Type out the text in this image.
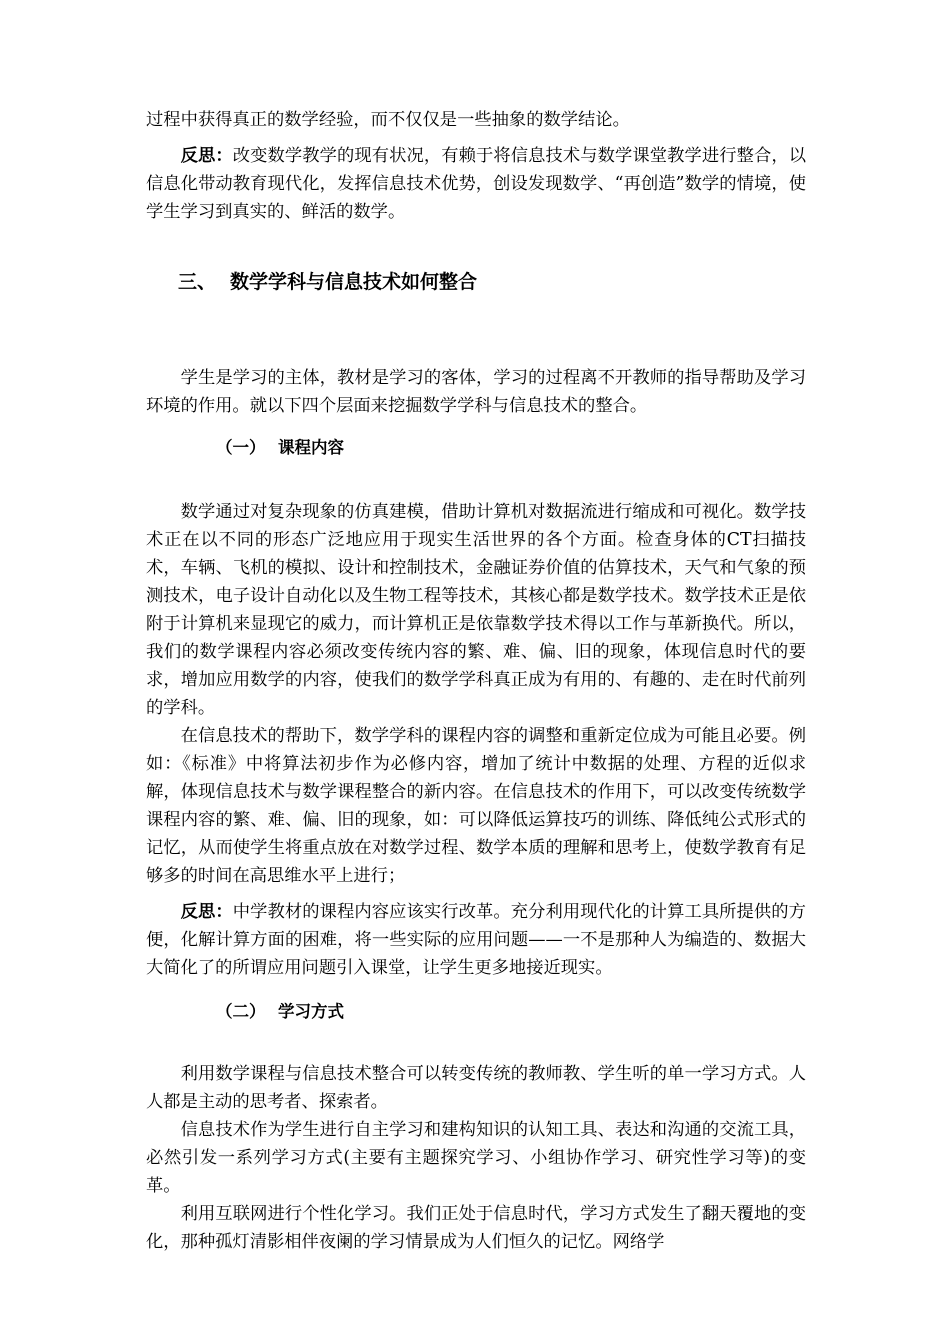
过程中获得真正的数学经验，而不仅仅是一些抽象的数学结论。

反思：改变数学教学的现有状况，有赖于将信息技术与数学课堂教学进行整合，以信息化带动教育现代化，发挥信息技术优势，创设发现数学、“再创造”数学的情境，使学生学习到真实的、鲜活的数学。

三、 数学学科与信息技术如何整合

学生是学习的主体，教材是学习的客体，学习的过程离不开教师的指导帮助及学习环境的作用。就以下四个层面来挖掘数学学科与信息技术的整合。

（一） 课程内容

数学通过对复杂现象的仿真建模，借助计算机对数据流进行缩成和可视化。数学技术正在以不同的形态广泛地应用于现实生活世界的各个方面。检查身体的CT扫描技术，车辆、飞机的模拟、设计和控制技术，金融证券价值的估算技术，天气和气象的预测技术，电子设计自动化以及生物工程等技术，其核心都是数学技术。数学技术正是依附于计算机来显现它的威力，而计算机正是依靠数学技术得以工作与革新换代。所以，我们的数学课程内容必须改变传统内容的繁、难、偏、旧的现象，体现信息时代的要求，增加应用数学的内容，使我们的数学学科真正成为有用的、有趣的、走在时代前列的学科。

在信息技术的帮助下，数学学科的课程内容的调整和重新定位成为可能且必要。例如：《标准》中将算法初步作为必修内容，增加了统计中数据的处理、方程的近似求解，体现信息技术与数学课程整合的新内容。在信息技术的作用下，可以改变传统数学课程内容的繁、难、偏、旧的现象，如：可以降低运算技巧的训练、降低纯公式形式的记忆，从而使学生将重点放在对数学过程、数学本质的理解和思考上，使数学教育有足够多的时间在高思维水平上进行；

反思：中学教材的课程内容应该实行改革。充分利用现代化的计算工具所提供的方便，化解计算方面的困难，将一些实际的应用问题——一不是那种人为编造的、数据大大简化了的所谓应用问题引入课堂，让学生更多地接近现实。

（二） 学习方式

利用数学课程与信息技术整合可以转变传统的教师教、学生听的单一学习方式。人人都是主动的思考者、探索者。

信息技术作为学生进行自主学习和建构知识的认知工具、表达和沟通的交流工具，必然引发一系列学习方式(主要有主题探究学习、小组协作学习、研究性学习等)的变革。

利用互联网进行个性化学习。我们正处于信息时代，学习方式发生了翻天覆地的变化，那种孤灯清影相伴夜阑的学习情景成为人们恒久的记忆。网络学
